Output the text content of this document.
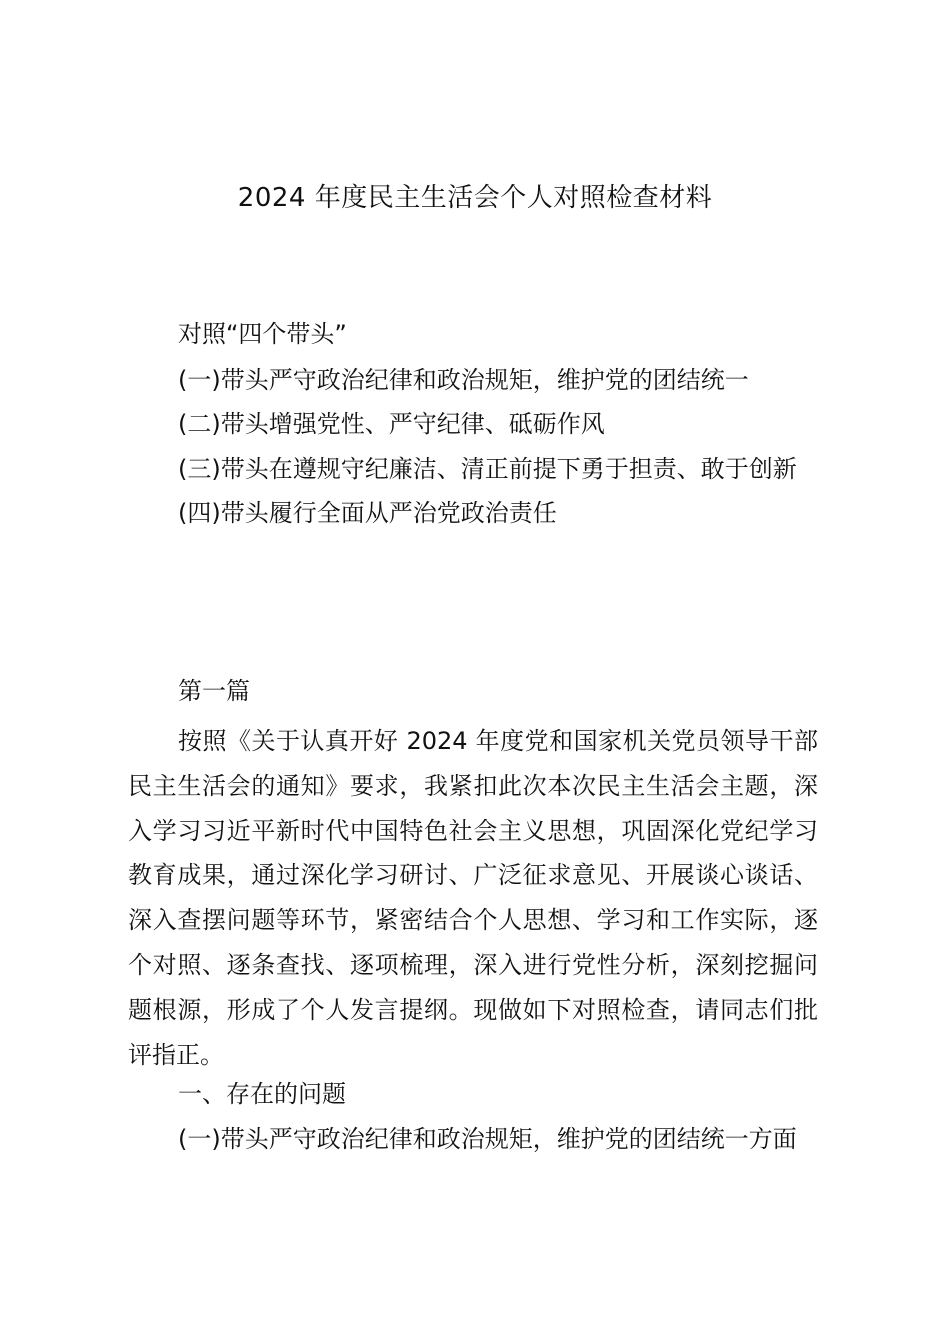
2024 年度民主生活会个人对照检查材料
对照“四个带头”
(一)带头严守政治纪律和政治规矩，维护党的团结统一
(二)带头增强党性、严守纪律、砥砺作风
(三)带头在遵规守纪廉洁、清正前提下勇于担责、敢于创新
(四)带头履行全面从严治党政治责任
第一篇
按照《关于认真开好 2024 年度党和国家机关党员领导干部民主生活会的通知》要求，我紧扣此次本次民主生活会主题，深入学习习近平新时代中国特色社会主义思想，巩固深化党纪学习教育成果，通过深化学习研讨、广泛征求意见、开展谈心谈话、深入查摆问题等环节，紧密结合个人思想、学习和工作实际，逐个对照、逐条查找、逐项梳理，深入进行党性分析，深刻挖掘问题根源，形成了个人发言提纲。现做如下对照检查，请同志们批评指正。
一、存在的问题
(一)带头严守政治纪律和政治规矩，维护党的团结统一方面
